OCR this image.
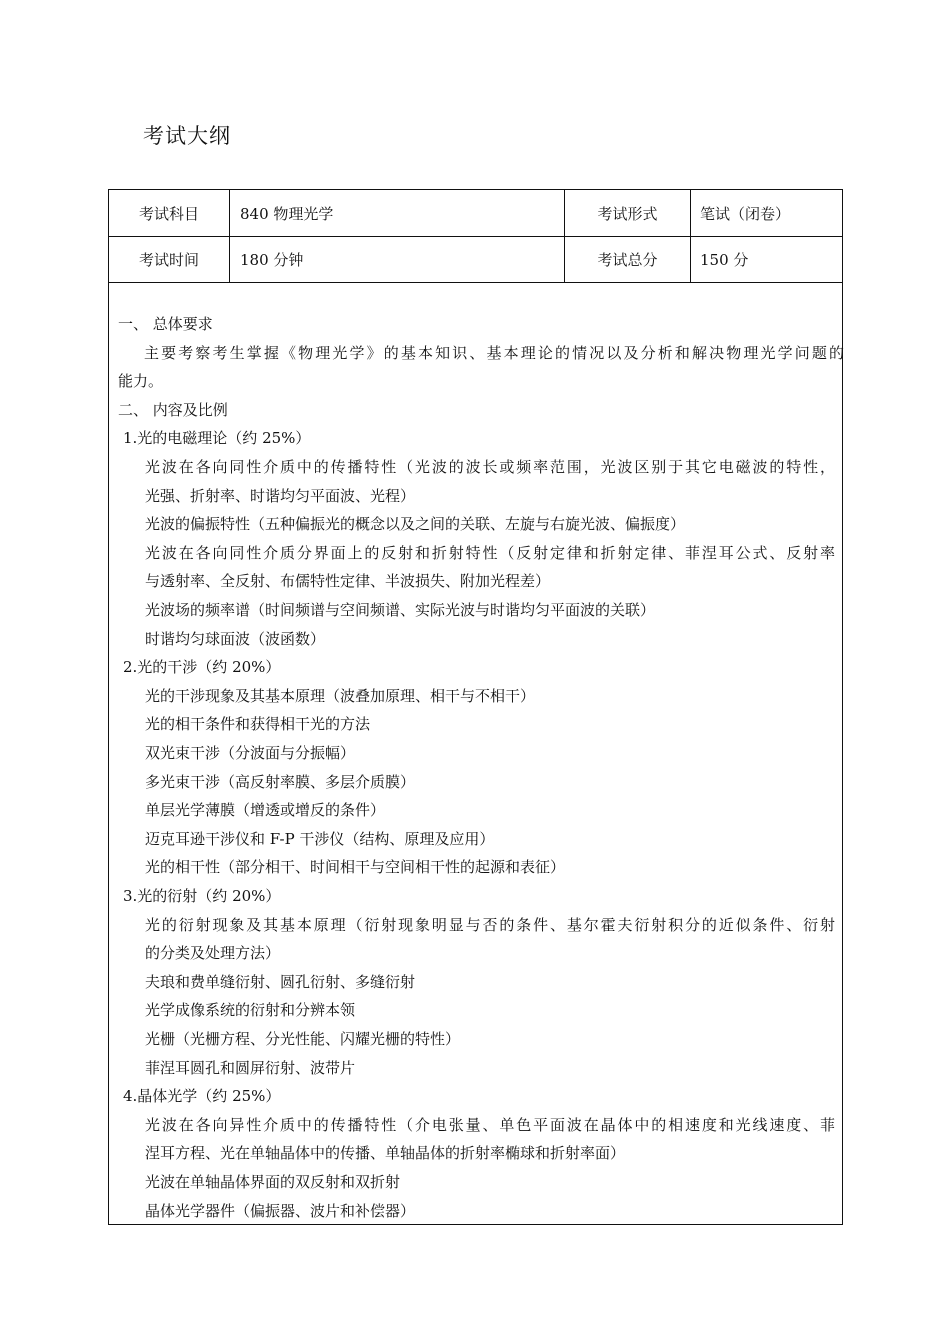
考试大纲
考试科目	840 物理光学	考试形式	笔试（闭卷）
考试时间	180 分钟	考试总分	150 分
一、 总体要求
主要考察考生掌握《物理光学》的基本知识、基本理论的情况以及分析和解决物理光学问题的
能力。
二、 内容及比例
1.光的电磁理论（约 25%）
光波在各向同性介质中的传播特性（光波的波长或频率范围，光波区别于其它电磁波的特性，
光强、折射率、时谐均匀平面波、光程）
光波的偏振特性（五种偏振光的概念以及之间的关联、左旋与右旋光波、偏振度）
光波在各向同性介质分界面上的反射和折射特性（反射定律和折射定律、菲涅耳公式、反射率
与透射率、全反射、布儒特性定律、半波损失、附加光程差）
光波场的频率谱（时间频谱与空间频谱、实际光波与时谐均匀平面波的关联）
时谐均匀球面波（波函数）
2.光的干涉（约 20%）
光的干涉现象及其基本原理（波叠加原理、相干与不相干）
光的相干条件和获得相干光的方法
双光束干涉（分波面与分振幅）
多光束干涉（高反射率膜、多层介质膜）
单层光学薄膜（增透或增反的条件）
迈克耳逊干涉仪和 F-P 干涉仪（结构、原理及应用）
光的相干性（部分相干、时间相干与空间相干性的起源和表征）
3.光的衍射（约 20%）
光的衍射现象及其基本原理（衍射现象明显与否的条件、基尔霍夫衍射积分的近似条件、衍射
的分类及处理方法）
夫琅和费单缝衍射、圆孔衍射、多缝衍射
光学成像系统的衍射和分辨本领
光栅（光栅方程、分光性能、闪耀光栅的特性）
菲涅耳圆孔和圆屏衍射、波带片
4.晶体光学（约 25%）
光波在各向异性介质中的传播特性（介电张量、单色平面波在晶体中的相速度和光线速度、菲
涅耳方程、光在单轴晶体中的传播、单轴晶体的折射率椭球和折射率面）
光波在单轴晶体界面的双反射和双折射
晶体光学器件（偏振器、波片和补偿器）
